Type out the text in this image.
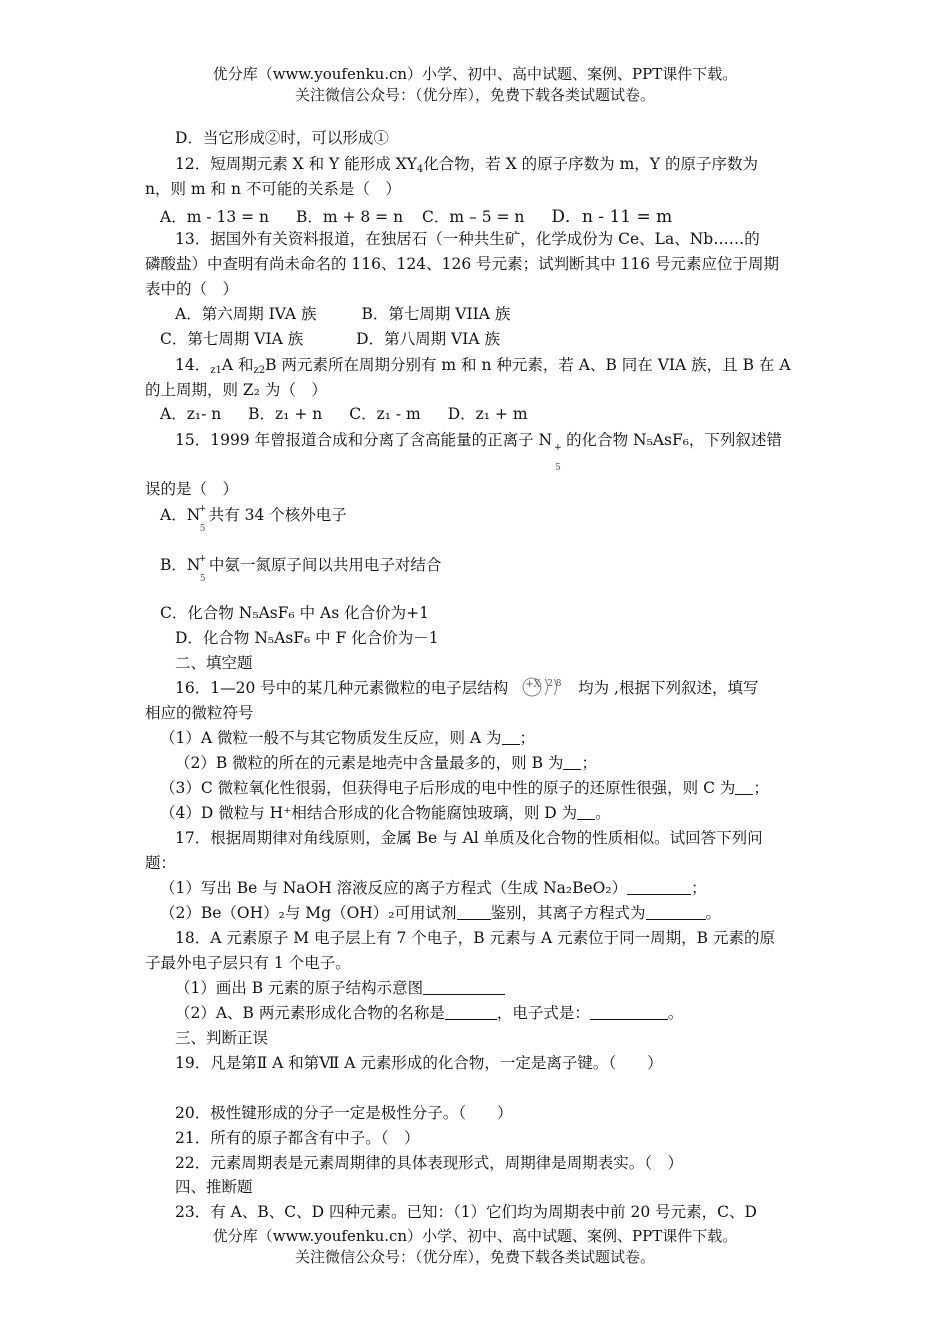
优分库（www.youfenku.cn）小学、初中、高中试题、案例、PPT课件下载。
关注微信公众号：（优分库），免费下载各类试题试卷。
D．当它形成②时，可以形成①
12．短周期元素 X 和 Y 能形成 $XY_4$化合物，若 X 的原子序数为 m，Y 的原子序数为
n，则 m 和 n 不可能的关系是（　）
A．m - 13 = n B．m + 8 = n C．m – 5 = n D．n - 11 = m
13．据国外有关资料报道，在独居石（一种共生矿，化学成份为 Ce、La、Nb……的
磷酸盐）中查明有尚未命名的 116、124、126 号元素；试判断其中 116 号元素应位于周期
表中的（　）
A．第六周期 IVA 族	B．第七周期 VIIA 族
C．第七周期 VIA 族	D．第八周期 VIA 族
14．$_{z1}$A 和$_{z2}$B 两元素所在周期分别有 m 和 n 种元素，若 A、B 同在 VIA 族，且 B 在 A
的上周期，则 Z₂ 为（　）
A．z₁- n B．z₁ + n C．z₁ - m D．z₁ + m
15．1999 年曾报道合成和分离了含高能量的正离子 N +
5
的化合物 N₅AsF₆，下列叙述错
误的是（　）
A．N
+
5
共有 34 个核外电子
B．N
+
5
中氨一氮原子间以共用电子对结合
C．化合物 N₅AsF₆ 中 As 化合价为+1
D．化合物 N₅AsF₆ 中 F 化合价为－1
二、填空题
16．1—20 号中的某几种元素微粒的电子层结构 +X 2 8 均为 ,根据下列叙述，填写
相应的微粒符号
（1）A 微粒一般不与其它物质发生反应，则 A 为 ；
（2）B 微粒的所在的元素是地壳中含量最多的，则 B 为 ；
（3）C 微粒氧化性很弱，但获得电子后形成的电中性的原子的还原性很强，则 C 为 ；
（4）D 微粒与 H⁺相结合形成的化合物能腐蚀玻璃，则 D 为 。
17．根据周期律对角线原则，金属 Be 与 Al 单质及化合物的性质相似。试回答下列问
题：
（1）写出 Be 与 NaOH 溶液反应的离子方程式（生成 Na₂BeO₂）	；
（2）Be（OH）₂与 Mg（OH）₂可用试剂 鉴别，其离子方程式为	。
18．A 元素原子 M 电子层上有 7 个电子，B 元素与 A 元素位于同一周期，B 元素的原
子最外电子层只有 1 个电子。
（1）画出 B 元素的原子结构示意图
（2）A、B 两元素形成化合物的名称是	，电子式是：	。
三、判断正误
19．凡是第Ⅱ A 和第Ⅶ A 元素形成的化合物，一定是离子键。（　　）
20．极性键形成的分子一定是极性分子。（　　）
21．所有的原子都含有中子。（　）
22．元素周期表是元素周期律的具体表现形式，周期律是周期表实。（　）
四、推断题
23．有 A、B、C、D 四种元素。已知：（1）它们均为周期表中前 20 号元素，C、D
优分库（www.youfenku.cn）小学、初中、高中试题、案例、PPT课件下载。
关注微信公众号：（优分库），免费下载各类试题试卷。
